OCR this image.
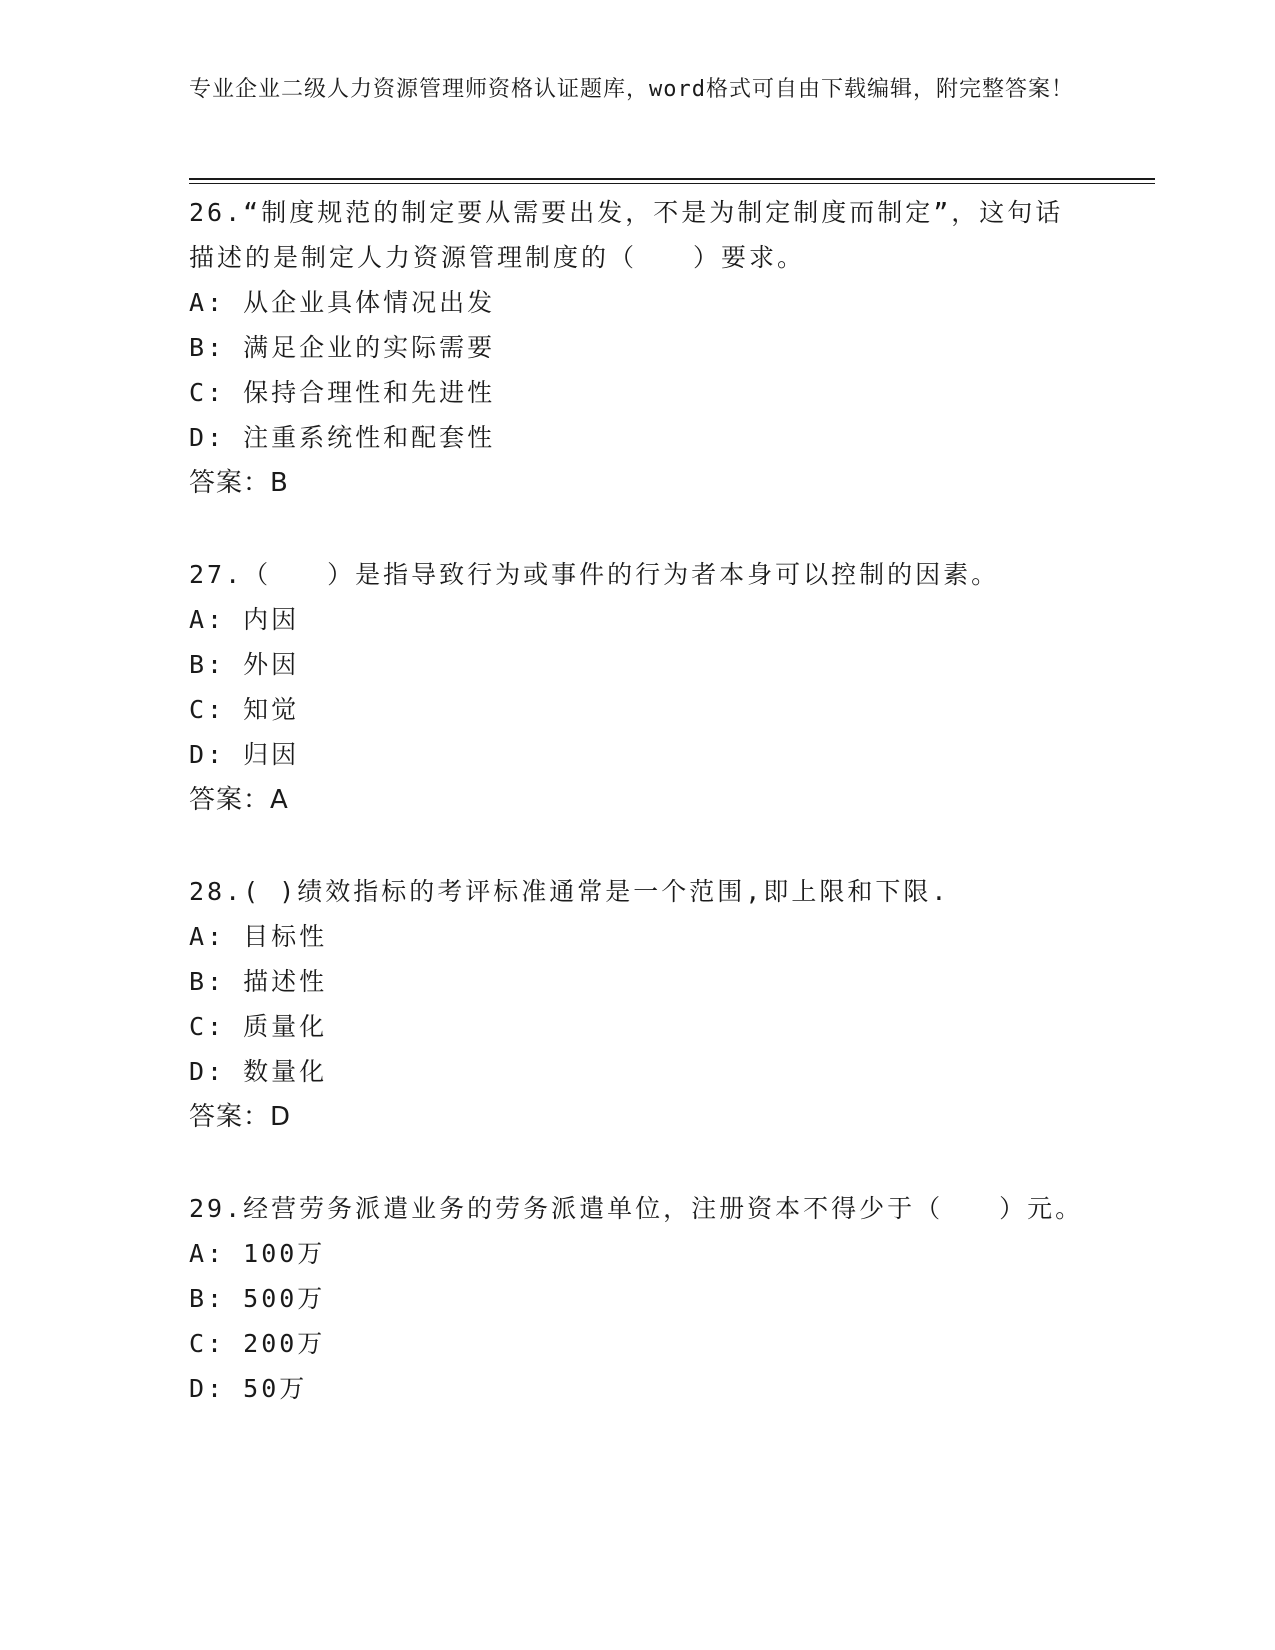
专业企业二级人力资源管理师资格认证题库，word格式可自由下载编辑，附完整答案！

26.“制度规范的制定要从需要出发，不是为制定制度而制定”，这句话描述的是制定人力资源管理制度的（　　）要求。

A: 从企业具体情况出发

B: 满足企业的实际需要

C: 保持合理性和先进性

D: 注重系统性和配套性

答案：B

27.（　　）是指导致行为或事件的行为者本身可以控制的因素。

A: 内因

B: 外因

C: 知觉

D: 归因

答案：A

28.( )绩效指标的考评标准通常是一个范围,即上限和下限.

A: 目标性

B: 描述性

C: 质量化

D: 数量化

答案：D

29.经营劳务派遣业务的劳务派遣单位，注册资本不得少于（　　）元。

A: 100万

B: 500万

C: 200万

D: 50万
